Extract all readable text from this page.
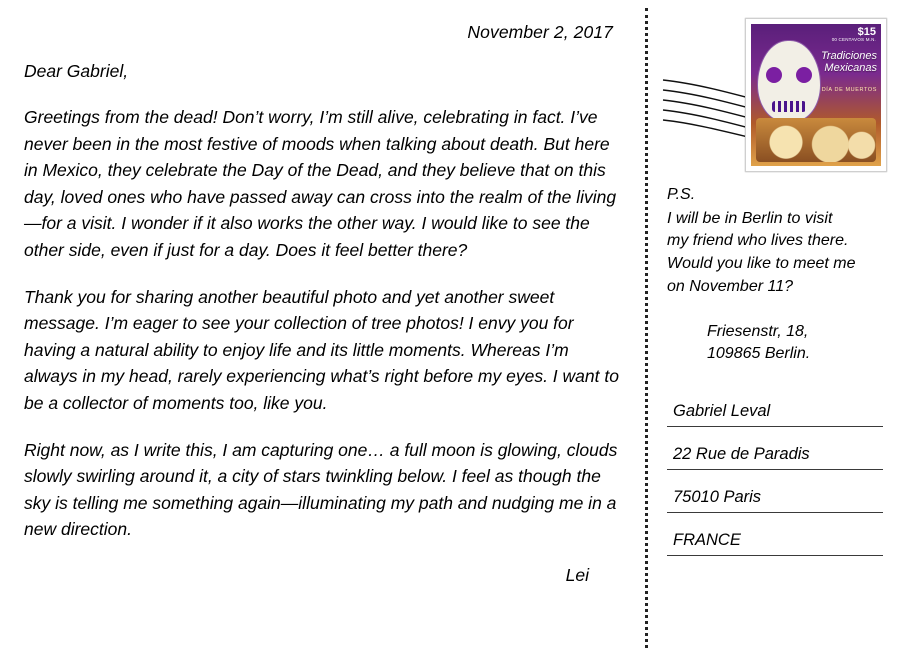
November 2, 2017
Dear Gabriel,

Greetings from the dead! Don’t worry, I’m still alive, celebrating in fact. I’ve never been in the most festive of moods when talking about death. But here in Mexico, they celebrate the Day of the Dead, and they believe that on this day, loved ones who have passed away can cross into the realm of the living—for a visit. I wonder if it also works the other way. I would like to see the other side, even if just for a day. Does it feel better there?

Thank you for sharing another beautiful photo and yet another sweet message. I’m eager to see your collection of tree photos! I envy you for having a natural ability to enjoy life and its little moments. Whereas I’m always in my head, rarely experiencing what’s right before my eyes. I want to be a collector of moments too, like you.

Right now, as I write this, I am capturing one… a full moon is glowing, clouds slowly swirling around it, a city of stars twinkling below. I feel as though the sky is telling me something again—illuminating my path and nudging me in a new direction.

Lei
$15
00 CENTAVOS M.N.
Tradiciones
Mexicanas
DÍA DE MUERTOS
P.S.
I will be in Berlin to visit
my friend who lives there.
Would you like to meet me
on November 11?
Friesenstr, 18,
109865 Berlin.
Gabriel Leval
22 Rue de Paradis
75010 Paris
FRANCE
